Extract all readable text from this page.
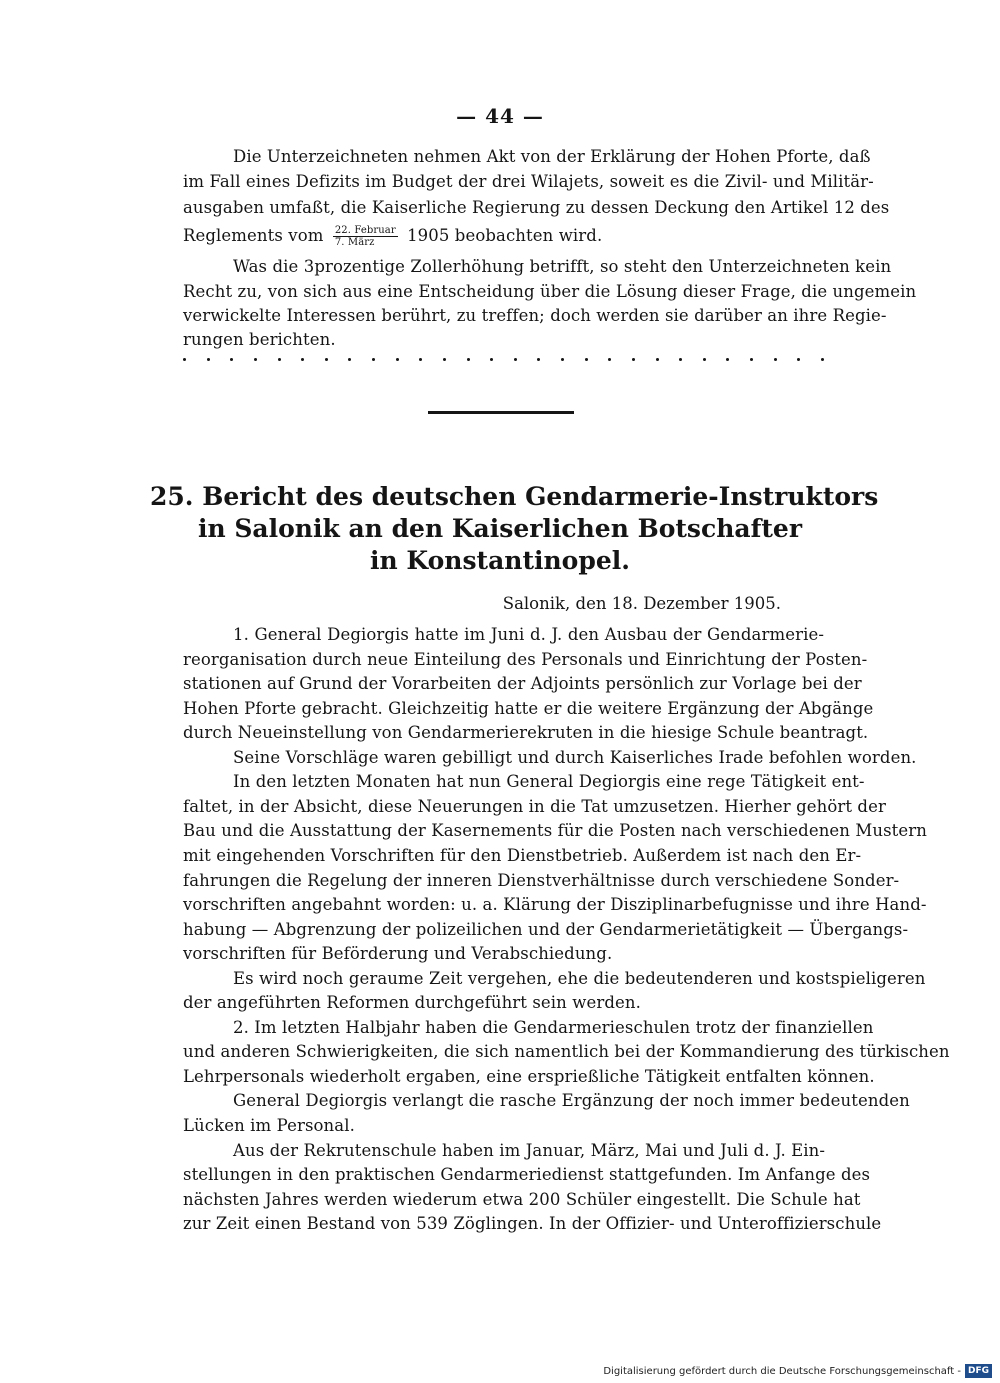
— 44 —
Die Unterzeichneten nehmen Akt von der Erklärung der Hohen Pforte, daß
im Fall eines Defizits im Budget der drei Wilajets, soweit es die Zivil- und Militär-
ausgaben umfaßt, die Kaiserliche Regierung zu dessen Deckung den Artikel 12 des
Reglements vom $\frac{\text{22. Februar}}{\text{7. März}} 1905$ beobachten wird.
Was die 3prozentige Zollerhöhung betrifft, so steht den Unterzeichneten kein
Recht zu, von sich aus eine Entscheidung über die Lösung dieser Frage, die ungemein
verwickelte Interessen berührt, zu treffen; doch werden sie darüber an ihre Regie-
rungen berichten.
25. Bericht des deutschen Gendarmerie-Instruktors
in Salonik an den Kaiserlichen Botschafter
in Konstantinopel.
Salonik, den 18. Dezember 1905.
1. General Degiorgis hatte im Juni d. J. den Ausbau der Gendarmerie-
reorganisation durch neue Einteilung des Personals und Einrichtung der Posten-
stationen auf Grund der Vorarbeiten der Adjoints persönlich zur Vorlage bei der
Hohen Pforte gebracht. Gleichzeitig hatte er die weitere Ergänzung der Abgänge
durch Neueinstellung von Gendarmerierekruten in die hiesige Schule beantragt.
Seine Vorschläge waren gebilligt und durch Kaiserliches Irade befohlen worden.
In den letzten Monaten hat nun General Degiorgis eine rege Tätigkeit ent-
faltet, in der Absicht, diese Neuerungen in die Tat umzusetzen. Hierher gehört der
Bau und die Ausstattung der Kasernements für die Posten nach verschiedenen Mustern
mit eingehenden Vorschriften für den Dienstbetrieb. Außerdem ist nach den Er-
fahrungen die Regelung der inneren Dienstverhältnisse durch verschiedene Sonder-
vorschriften angebahnt worden: u. a. Klärung der Disziplinarbefugnisse und ihre Hand-
habung — Abgrenzung der polizeilichen und der Gendarmerietätigkeit — Übergangs-
vorschriften für Beförderung und Verabschiedung.
Es wird noch geraume Zeit vergehen, ehe die bedeutenderen und kostspieligeren
der angeführten Reformen durchgeführt sein werden.
2. Im letzten Halbjahr haben die Gendarmerieschulen trotz der finanziellen
und anderen Schwierigkeiten, die sich namentlich bei der Kommandierung des türkischen
Lehrpersonals wiederholt ergaben, eine ersprießliche Tätigkeit entfalten können.
General Degiorgis verlangt die rasche Ergänzung der noch immer bedeutenden
Lücken im Personal.
Aus der Rekrutenschule haben im Januar, März, Mai und Juli d. J. Ein-
stellungen in den praktischen Gendarmeriedienst stattgefunden. Im Anfange des
nächsten Jahres werden wiederum etwa 200 Schüler eingestellt. Die Schule hat
zur Zeit einen Bestand von 539 Zöglingen. In der Offizier- und Unteroffizierschule
Digitalisierung gefördert durch die Deutsche Forschungsgemeinschaft - DFG
